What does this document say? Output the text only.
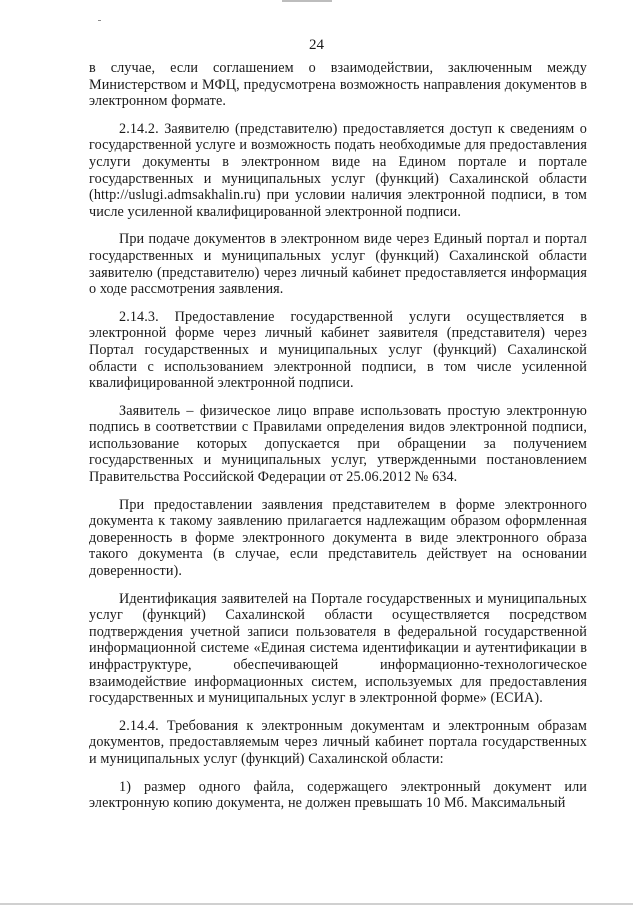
24

в случае, если соглашением о взаимодействии, заключенным между Министерством и МФЦ, предусмотрена возможность направления документов в электронном формате.

2.14.2. Заявителю (представителю) предоставляется доступ к сведениям о государственной услуге и возможность подать необходимые для предоставления услуги документы в электронном виде на Едином портале и портале государственных и муниципальных услуг (функций) Сахалинской области (http://uslugi.admsakhalin.ru) при условии наличия электронной подписи, в том числе усиленной квалифицированной электронной подписи.

При подаче документов в электронном виде через Единый портал и портал государственных и муниципальных услуг (функций) Сахалинской области заявителю (представителю) через личный кабинет предоставляется информация о ходе рассмотрения заявления.

2.14.3. Предоставление государственной услуги осуществляется в электронной форме через личный кабинет заявителя (представителя) через Портал государственных и муниципальных услуг (функций) Сахалинской области с использованием электронной подписи, в том числе усиленной квалифицированной электронной подписи.

Заявитель – физическое лицо вправе использовать простую электронную подпись в соответствии с Правилами определения видов электронной подписи, использование которых допускается при обращении за получением государственных и муниципальных услуг, утвержденными постановлением Правительства Российской Федерации от 25.06.2012 № 634.

При предоставлении заявления представителем в форме электронного документа к такому заявлению прилагается надлежащим образом оформленная доверенность в форме электронного документа в виде электронного образа такого документа (в случае, если представитель действует на основании доверенности).

Идентификация заявителей на Портале государственных и муниципальных услуг (функций) Сахалинской области осуществляется посредством подтверждения учетной записи пользователя в федеральной государственной информационной системе «Единая система идентификации и аутентификации в инфраструктуре, обеспечивающей информационно-технологическое взаимодействие информационных систем, используемых для предоставления государственных и муниципальных услуг в электронной форме» (ЕСИА).

2.14.4. Требования к электронным документам и электронным образам документов, предоставляемым через личный кабинет портала государственных и муниципальных услуг (функций) Сахалинской области:

1) размер одного файла, содержащего электронный документ или электронную копию документа, не должен превышать 10 Мб. Максимальный
